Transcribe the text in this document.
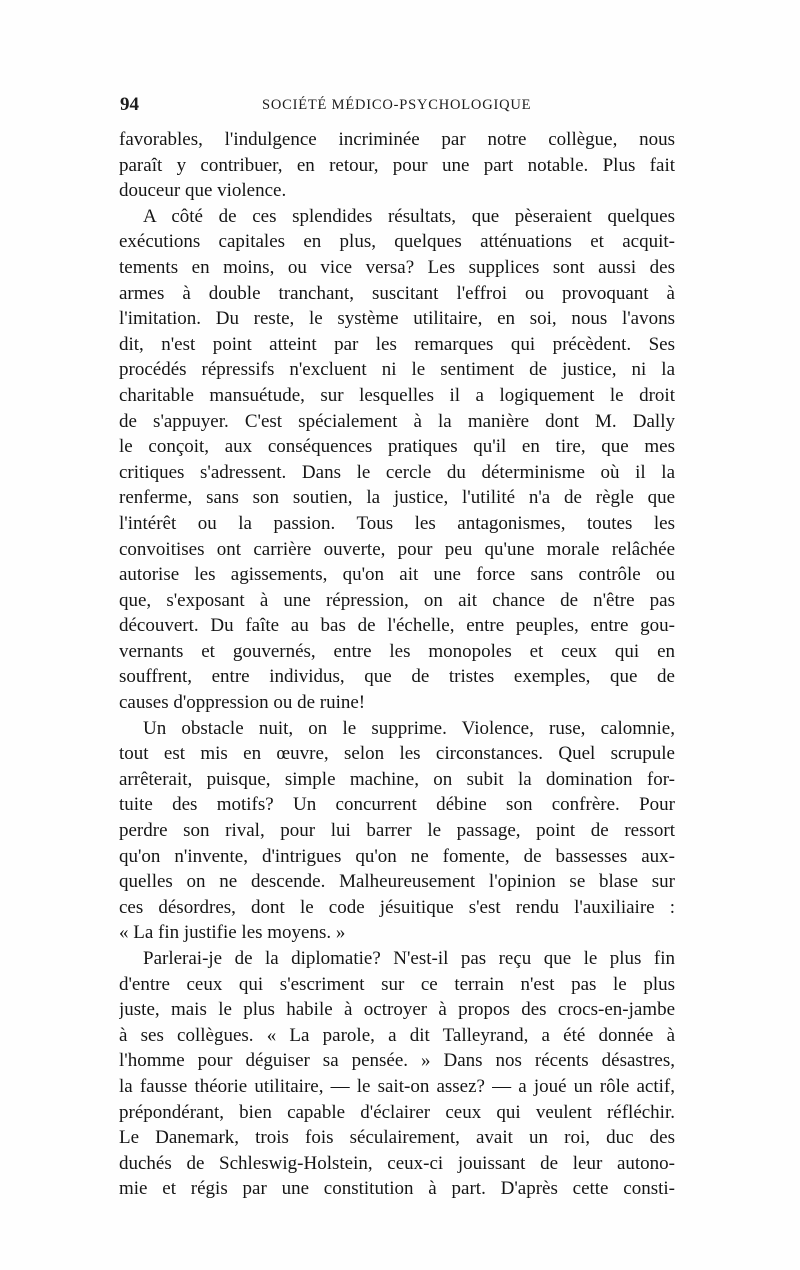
94	SOCIÉTÉ MÉDICO-PSYCHOLOGIQUE
favorables, l'indulgence incriminée par notre collègue, nous
paraît y contribuer, en retour, pour une part notable. Plus fait
douceur que violence.
A côté de ces splendides résultats, que pèseraient quelques
exécutions capitales en plus, quelques atténuations et acquit-
tements en moins, ou vice versa? Les supplices sont aussi des
armes à double tranchant, suscitant l'effroi ou provoquant à
l'imitation. Du reste, le système utilitaire, en soi, nous l'avons
dit, n'est point atteint par les remarques qui précèdent. Ses
procédés répressifs n'excluent ni le sentiment de justice, ni la
charitable mansuétude, sur lesquelles il a logiquement le droit
de s'appuyer. C'est spécialement à la manière dont M. Dally
le conçoit, aux conséquences pratiques qu'il en tire, que mes
critiques s'adressent. Dans le cercle du déterminisme où il la
renferme, sans son soutien, la justice, l'utilité n'a de règle que
l'intérêt ou la passion. Tous les antagonismes, toutes les
convoitises ont carrière ouverte, pour peu qu'une morale relâchée
autorise les agissements, qu'on ait une force sans contrôle ou
que, s'exposant à une répression, on ait chance de n'être pas
découvert. Du faîte au bas de l'échelle, entre peuples, entre gou-
vernants et gouvernés, entre les monopoles et ceux qui en
souffrent, entre individus, que de tristes exemples, que de
causes d'oppression ou de ruine!
Un obstacle nuit, on le supprime. Violence, ruse, calomnie,
tout est mis en œuvre, selon les circonstances. Quel scrupule
arrêterait, puisque, simple machine, on subit la domination for-
tuite des motifs? Un concurrent débine son confrère. Pour
perdre son rival, pour lui barrer le passage, point de ressort
qu'on n'invente, d'intrigues qu'on ne fomente, de bassesses aux-
quelles on ne descende. Malheureusement l'opinion se blase sur
ces désordres, dont le code jésuitique s'est rendu l'auxiliaire :
« La fin justifie les moyens. »
Parlerai-je de la diplomatie? N'est-il pas reçu que le plus fin
d'entre ceux qui s'escriment sur ce terrain n'est pas le plus
juste, mais le plus habile à octroyer à propos des crocs-en-jambe
à ses collègues. « La parole, a dit Talleyrand, a été donnée à
l'homme pour déguiser sa pensée. » Dans nos récents désastres,
la fausse théorie utilitaire, — le sait-on assez? — a joué un rôle actif,
prépondérant, bien capable d'éclairer ceux qui veulent réfléchir.
Le Danemark, trois fois séculairement, avait un roi, duc des
duchés de Schleswig-Holstein, ceux-ci jouissant de leur autono-
mie et régis par une constitution à part. D'après cette consti-
